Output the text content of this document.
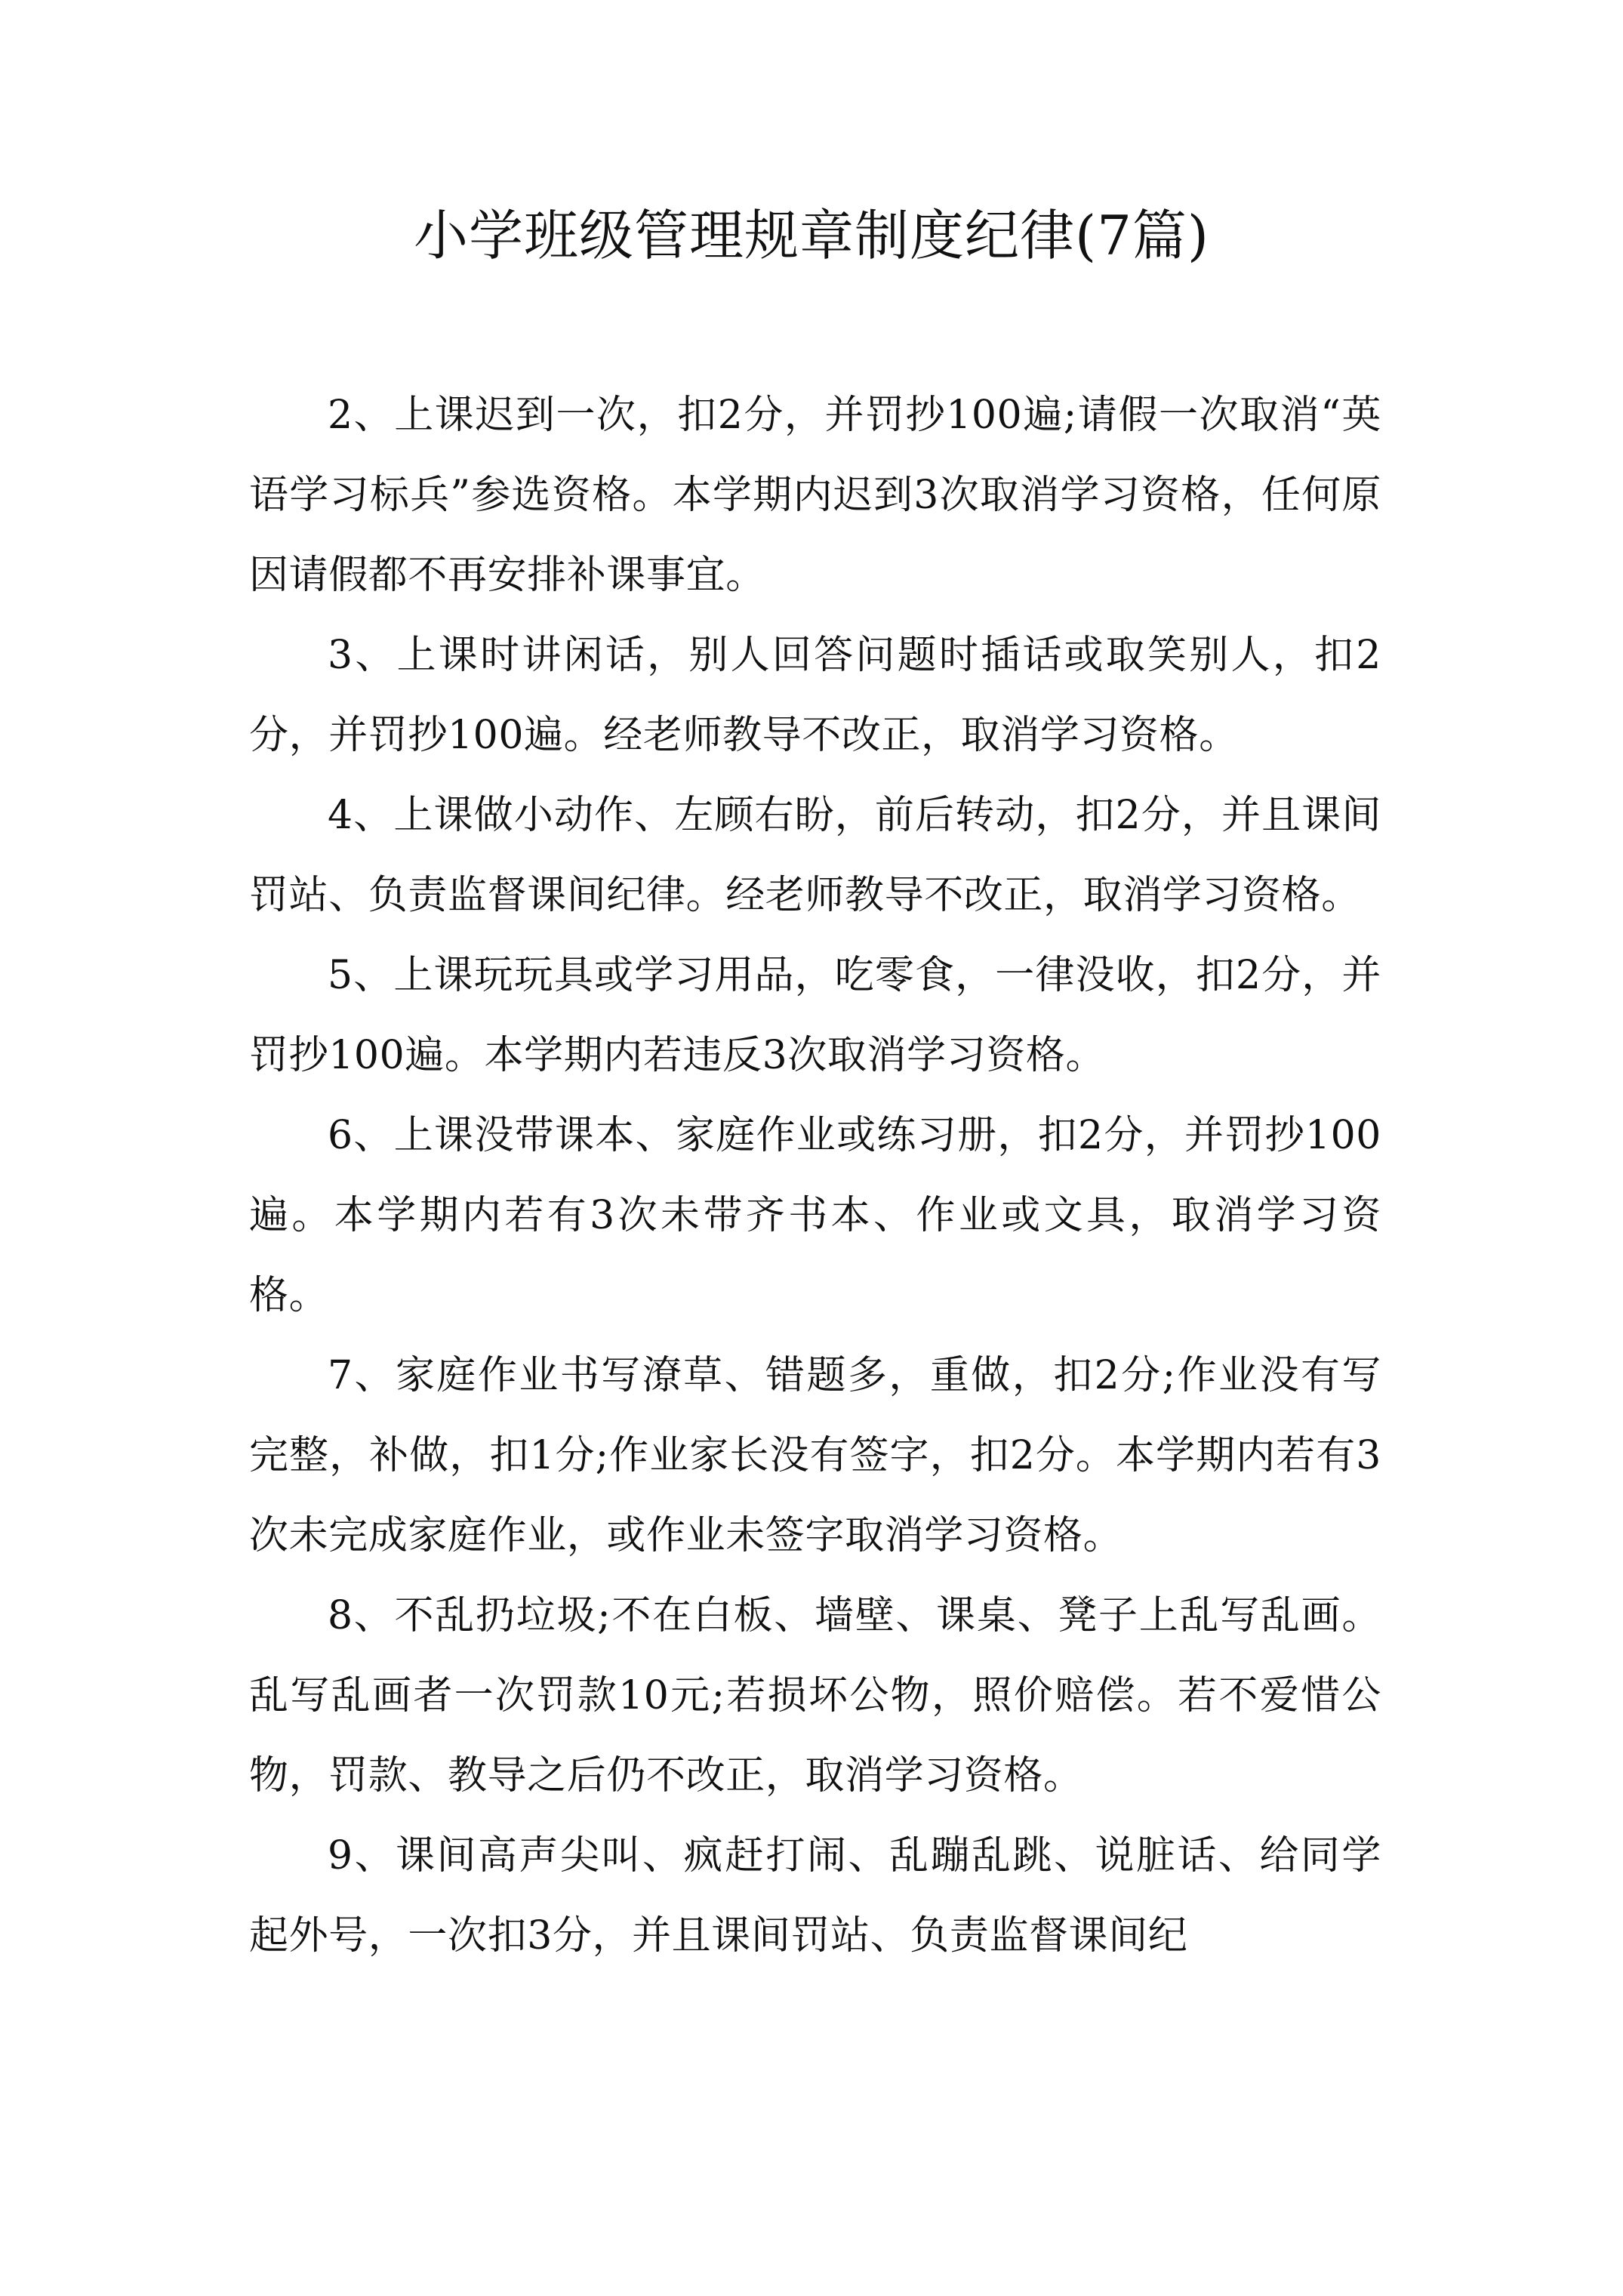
小学班级管理规章制度纪律(7篇)

2、上课迟到一次，扣2分，并罚抄100遍;请假一次取消“英语学习标兵”参选资格。本学期内迟到3次取消学习资格，任何原因请假都不再安排补课事宜。

3、上课时讲闲话，别人回答问题时插话或取笑别人，扣2分，并罚抄100遍。经老师教导不改正，取消学习资格。

4、上课做小动作、左顾右盼，前后转动，扣2分，并且课间罚站、负责监督课间纪律。经老师教导不改正，取消学习资格。

5、上课玩玩具或学习用品，吃零食，一律没收，扣2分，并罚抄100遍。本学期内若违反3次取消学习资格。

6、上课没带课本、家庭作业或练习册，扣2分，并罚抄100遍。本学期内若有3次未带齐书本、作业或文具，取消学习资格。

7、家庭作业书写潦草、错题多，重做，扣2分;作业没有写完整，补做，扣1分;作业家长没有签字，扣2分。本学期内若有3次未完成家庭作业，或作业未签字取消学习资格。

8、不乱扔垃圾;不在白板、墙壁、课桌、凳子上乱写乱画。乱写乱画者一次罚款10元;若损坏公物，照价赔偿。若不爱惜公物，罚款、教导之后仍不改正，取消学习资格。

9、课间高声尖叫、疯赶打闹、乱蹦乱跳、说脏话、给同学起外号，一次扣3分，并且课间罚站、负责监督课间纪
